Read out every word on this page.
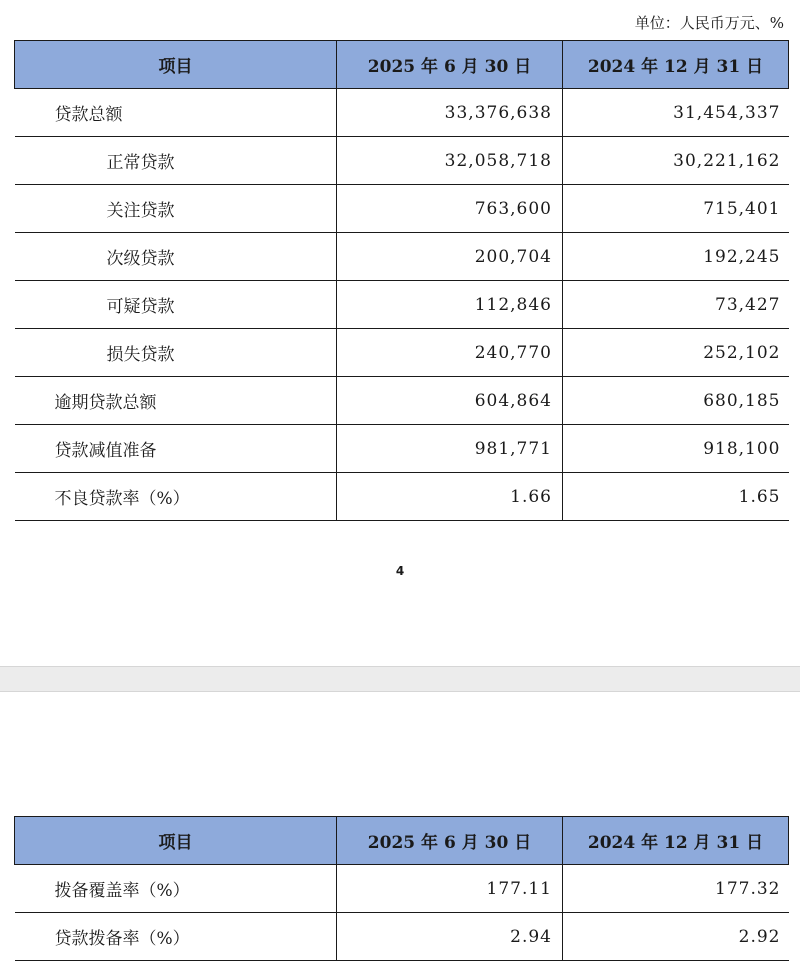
单位：人民币万元、%
项目	2025 年 6 月 30 日	2024 年 12 月 31 日
贷款总额	33,376,638	31,454,337
正常贷款	32,058,718	30,221,162
关注贷款	763,600	715,401
次级贷款	200,704	192,245
可疑贷款	112,846	73,427
损失贷款	240,770	252,102
逾期贷款总额	604,864	680,185
贷款减值准备	981,771	918,100
不良贷款率（%）	1.66	1.65
4
项目	2025 年 6 月 30 日	2024 年 12 月 31 日
拨备覆盖率（%）	177.11	177.32
贷款拨备率（%）	2.94	2.92
